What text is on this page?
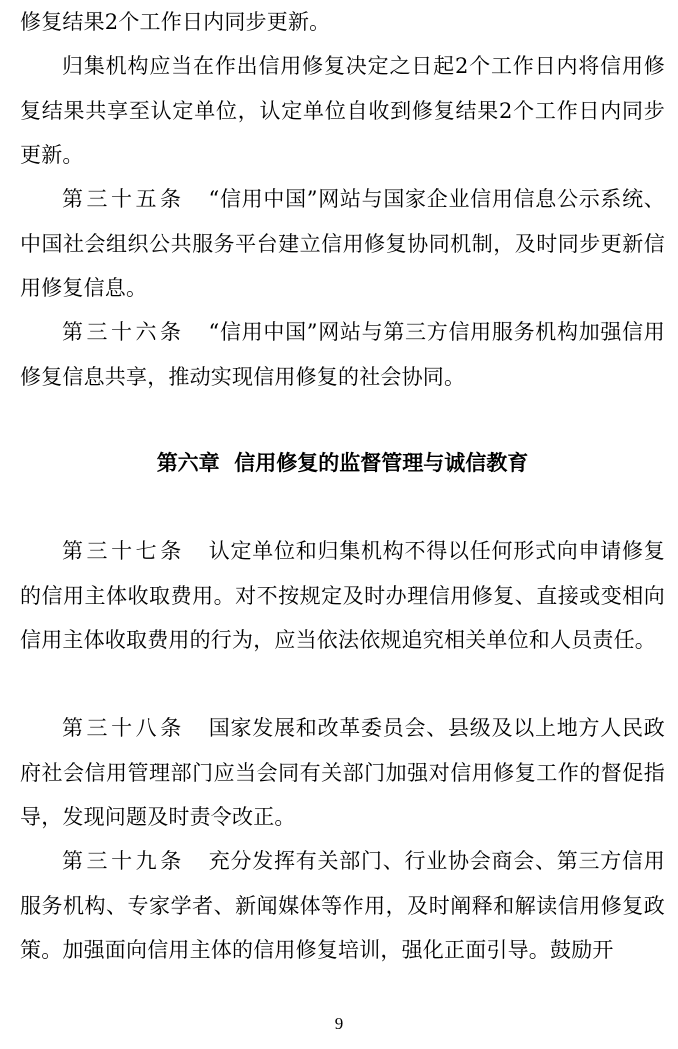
修复结果2个工作日内同步更新。

归集机构应当在作出信用修复决定之日起2个工作日内将信用修复结果共享至认定单位，认定单位自收到修复结果2个工作日内同步更新。

第三十五条 “信用中国”网站与国家企业信用信息公示系统、中国社会组织公共服务平台建立信用修复协同机制，及时同步更新信用修复信息。

第三十六条 “信用中国”网站与第三方信用服务机构加强信用修复信息共享，推动实现信用修复的社会协同。

第六章  信用修复的监督管理与诚信教育

第三十七条 认定单位和归集机构不得以任何形式向申请修复的信用主体收取费用。对不按规定及时办理信用修复、直接或变相向信用主体收取费用的行为，应当依法依规追究相关单位和人员责任。

第三十八条 国家发展和改革委员会、县级及以上地方人民政府社会信用管理部门应当会同有关部门加强对信用修复工作的督促指导，发现问题及时责令改正。

第三十九条 充分发挥有关部门、行业协会商会、第三方信用服务机构、专家学者、新闻媒体等作用，及时阐释和解读信用修复政策。加强面向信用主体的信用修复培训，强化正面引导。鼓励开

9
